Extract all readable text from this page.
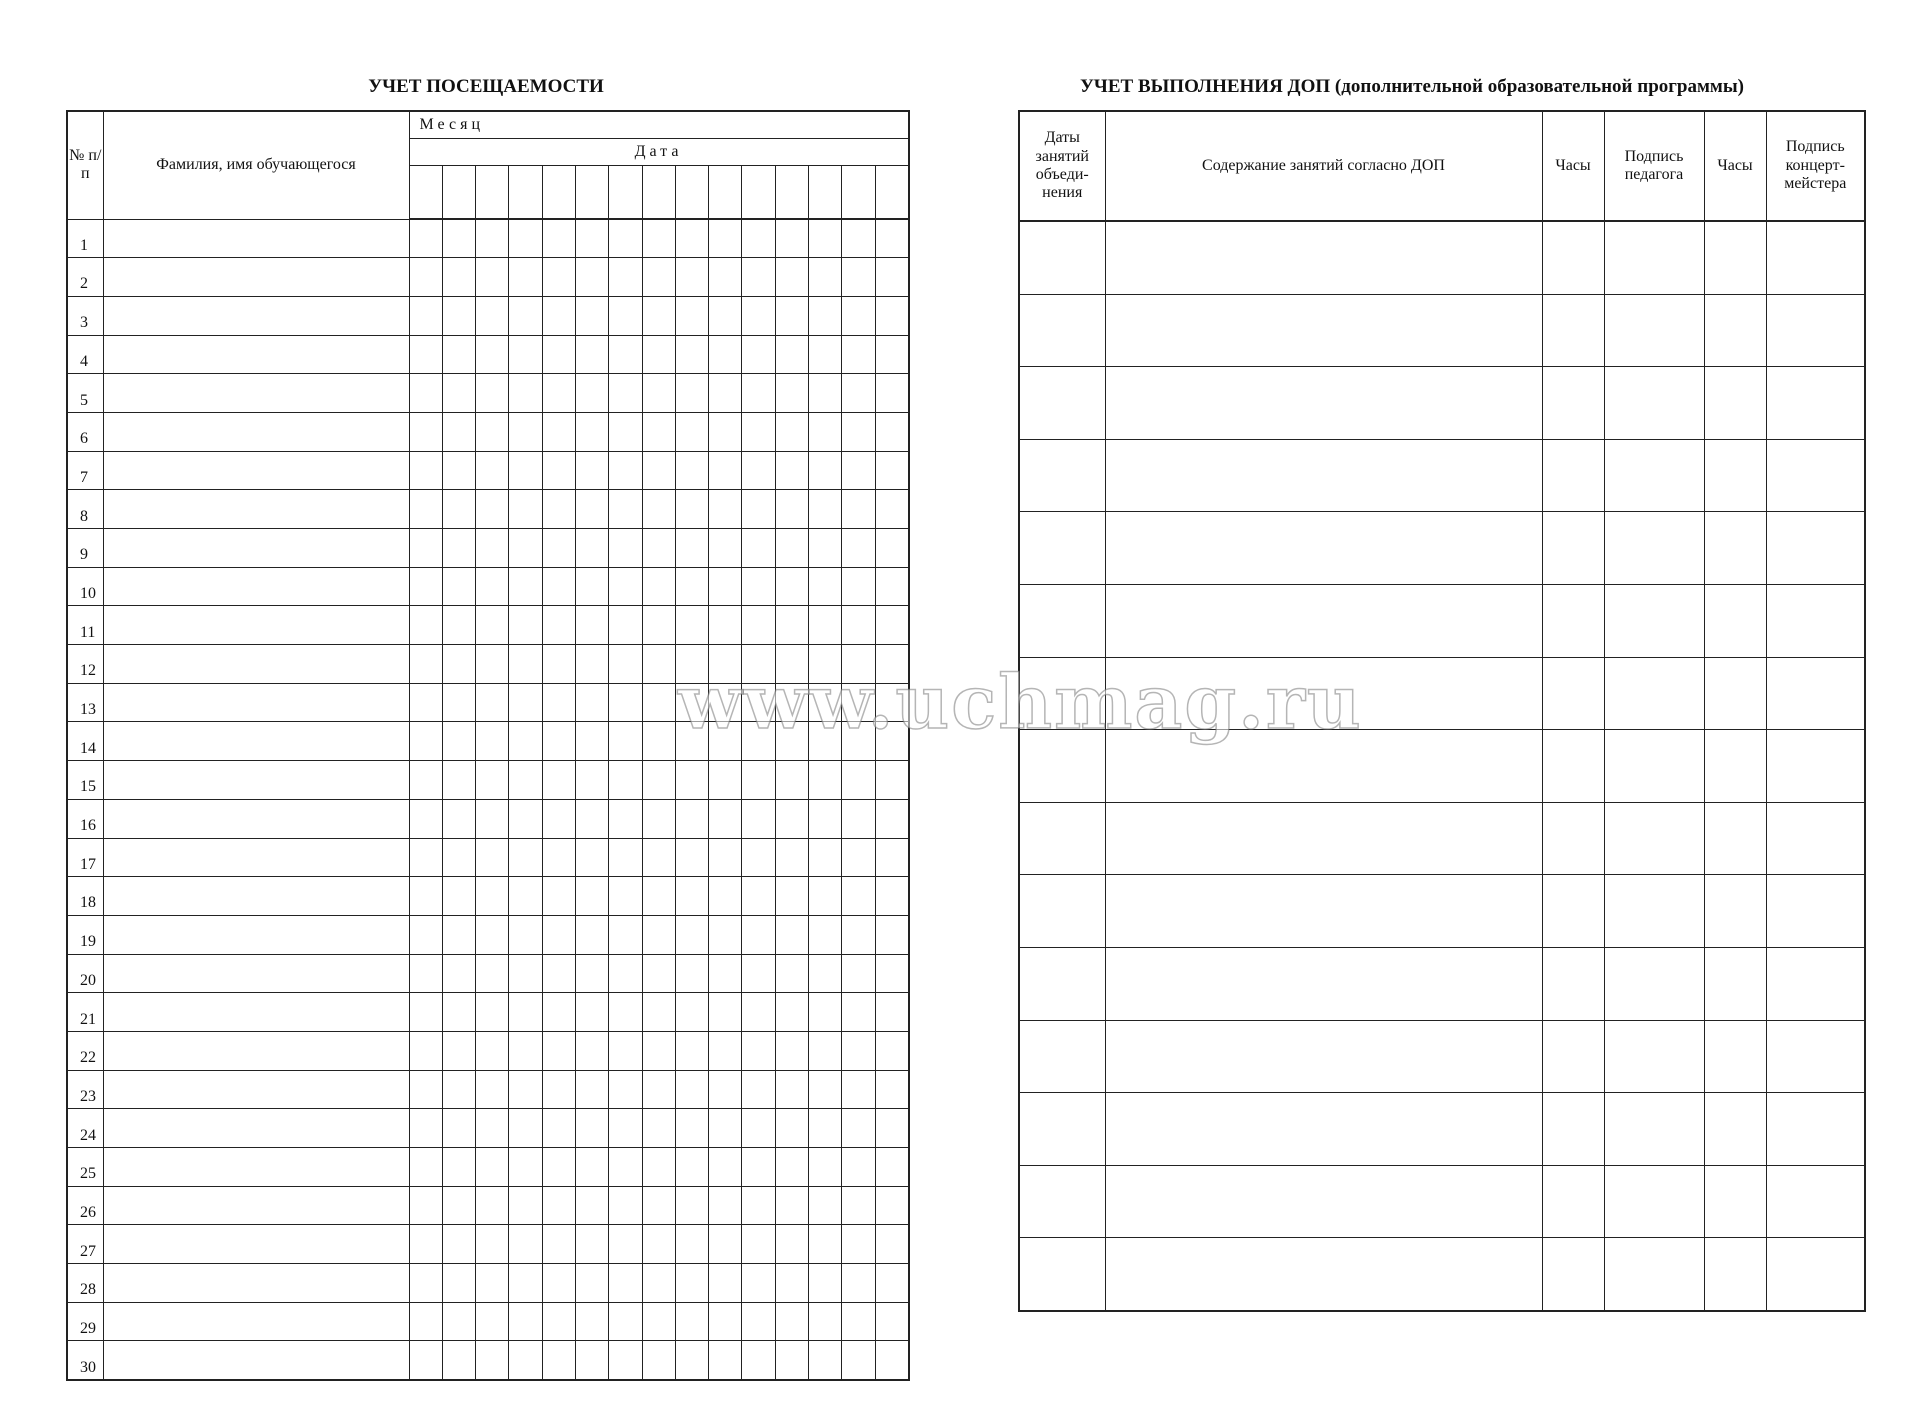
УЧЕТ ПОСЕЩАЕМОСТИ	УЧЕТ ВЫПОЛНЕНИЯ ДОП (дополнительной образовательной программы)
№ п/п	Фамилия, имя обучающегося	Месяц														
		Дата														

1																
2																
3																
4																
5																
6																
7																
8																
9																
10																
11																
12																
13																
14																
15																
16																
17																
18																
19																
20																
21																
22																
23																
24																
25																
26																
27																
28																
29																
30																
Даты занятий объеди-нения	Содержание занятий согласно ДОП	Часы	Подпись педагога	Часы	Подпись концерт-мейстера

www.uchmag.ru
